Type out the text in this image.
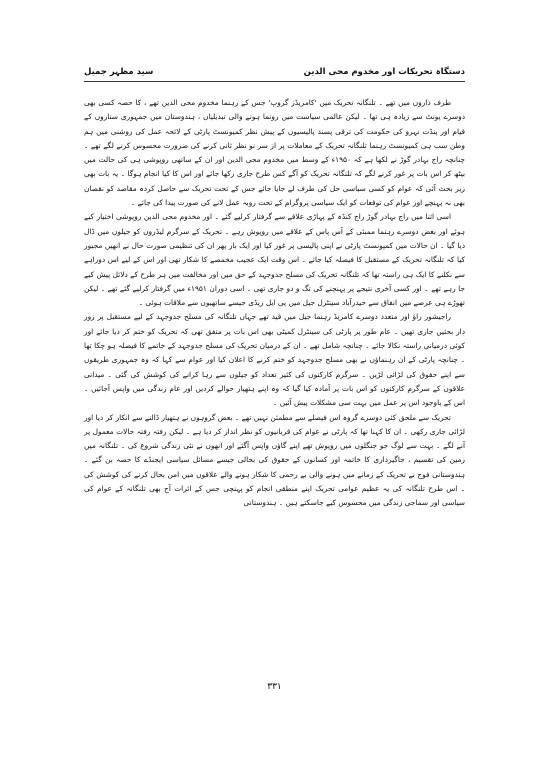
سید مظہر جمیل	دستگاہ تحریکات اور مخدوم محی الدین

طرف داروں میں تھے ۔ تلنگانہ تحریک میں 'کامریڈز گروپ' جس کے رہنما مخدوم محی الدین تھے ، کا حصہ کسی بھی دوسرے یونٹ سے زیادہ ہی تھا ۔ لیکن عالمی سیاست میں رونما ہونے والی تبدیلیاں ، ہندوستان میں جمہوری ستاروں کے قیام اور پنڈت نہرو کی حکومت کی ترقی پسند پالیسیوں کے پیش نظر کمیونسٹ پارٹی کے لائحہ عمل کی روشنی میں ہم وطن سب ہی کمیونسٹ رہنما تلنگانہ تحریک کے معاملات پر از سر نو نظر ثانی کرنے کی ضرورت محسوس کرنے لگے تھے ۔ چنانچہ راج بہادر گوڑ نے لکھا ہے کہ ۱۹۵۰ء کے وسط میں مخدوم محی الدین اور ان کے ساتھی روپوشی ہی کی حالت میں بیٹھ کر اس بات پر غور کرنے لگے کہ تلنگانہ تحریک کو آگے کس طرح جاری رکھا جائے اور اس کا کیا انجام ہوگا ۔ یہ بات بھی زیر بحث آئی کہ عوام کو کسی سیاسی حل کی طرف لے جایا جائے جس کے تحت تحریک سے حاصل کردہ مقاصد کو نقصان بھی نہ پہنچے اور عوام کی توقعات کو ایک سیاسی پروگرام کے تحت روبہ عمل لانے کی صورت پیدا کی جائے ۔

اسی اثنا میں راج بہادر گوڑ راج کنڈہ کے پہاڑی علاقے سے گرفتار کرلیے گئے ۔ اور مخدوم محی الدین روپوشی اختیار کیے ہوئے اور بعض دوسرے رہنما ممبئی کے آس پاس کے علاقے میں روپوش رہے ۔ تحریک کے سرگرم لیڈروں کو جیلوں میں ڈال دیا گیا ۔ ان حالات میں کمیونسٹ پارٹی نے اپنی پالیسی پر غور کیا اور ایک بار پھر ان کی تنظیمی صورت حال نے انھیں مجبور کیا کہ تلنگانہ تحریک کے مستقبل کا فیصلہ کیا جائے ۔ اس وقت ایک عجیب مخمصے کا شکار تھی اور اس کے لیے اس دوراہے سے نکلنے کا ایک ہی راستہ تھا کہ تلنگانہ تحریک کی مسلح جدوجہد کے حق میں اور مخالفت میں ہر طرح کے دلائل پیش کیے جا رہے تھے ۔ اور کسی آخری نتیجے پر پہنچنے کی تگ و دو جاری تھی ۔ اسی دوران ۱۹۵۱ء میں گرفتار کرلیے گئے تھے ۔ لیکن تھوڑے ہی عرصے میں انفاق سے حیدرآباد سینٹرل جیل میں پی ایل ریڈی جیسے ساتھیوں سے ملاقات ہوئی ۔

راجیشور راؤ اور متعدد دوسرے کامریڈ رہنما جیل میں قید تھے جہاں تلنگانہ کی مسلح جدوجہد کے لیے مستقبل پر زور دار بحثیں جاری تھیں ۔ عام طور پر پارٹی کی سینٹرل کمیٹی بھی اس بات پر متفق تھی کہ تحریک کو ختم کر دیا جائے اور کوئی درمیانی راستہ نکالا جائے ۔ چنانچہ شامل تھے ۔ ان کے درمیان تحریک کی مسلح جدوجہد کے خاتمے کا فیصلہ ہو چکا تھا ۔ چنانچہ پارٹی کے ان رہنماؤں نے بھی مسلح جدوجہد کو ختم کرنے کا اعلان کیا اور عوام سے کہا کہ وہ جمہوری طریقوں سے اپنے حقوق کی لڑائی لڑیں ۔ سرگرم کارکنوں کی کثیر تعداد کو جیلوں سے رہا کرانے کی کوشش کی گئی ۔ میدانی علاقوں کے سرگرم کارکنوں کو اس بات پر آمادہ کیا گیا کہ وہ اپنے ہتھیار حوالے کردیں اور عام زندگی میں واپس آجائیں ۔ اس کے باوجود اس پر عمل میں بہت سی مشکلات پیش آئیں ۔

تحریک سے ملحق کئی دوسرے گروہ اس فیصلے سے مطمئن نہیں تھے ۔ بعض گروہوں نے ہتھیار ڈالنے سے انکار کر دیا اور لڑائی جاری رکھی ۔ ان کا کہنا تھا کہ پارٹی نے عوام کی قربانیوں کو نظر انداز کر دیا ہے ۔ لیکن رفتہ رفتہ حالات معمول پر آنے لگے ۔ بہت سے لوگ جو جنگلوں میں روپوش تھے اپنے گاؤں واپس آگئے اور انھوں نے نئی زندگی شروع کی ۔ تلنگانہ میں زمین کی تقسیم ، جاگیرداری کا خاتمہ اور کسانوں کے حقوق کی بحالی جیسے مسائل سیاسی ایجنڈے کا حصہ بن گئے ۔ ہندوستانی فوج نے تحریک کے زمانے میں ہونے والی بے رحمی کا شکار ہونے والے علاقوں میں امن بحال کرنے کی کوشش کی ۔ اس طرح تلنگانہ کی یہ عظیم عوامی تحریک اپنے منطقی انجام کو پہنچی جس کے اثرات آج بھی تلنگانہ کے عوام کی سیاسی اور سماجی زندگی میں محسوس کیے جاسکتے ہیں ۔ ہندوستانی

۳۳۱
